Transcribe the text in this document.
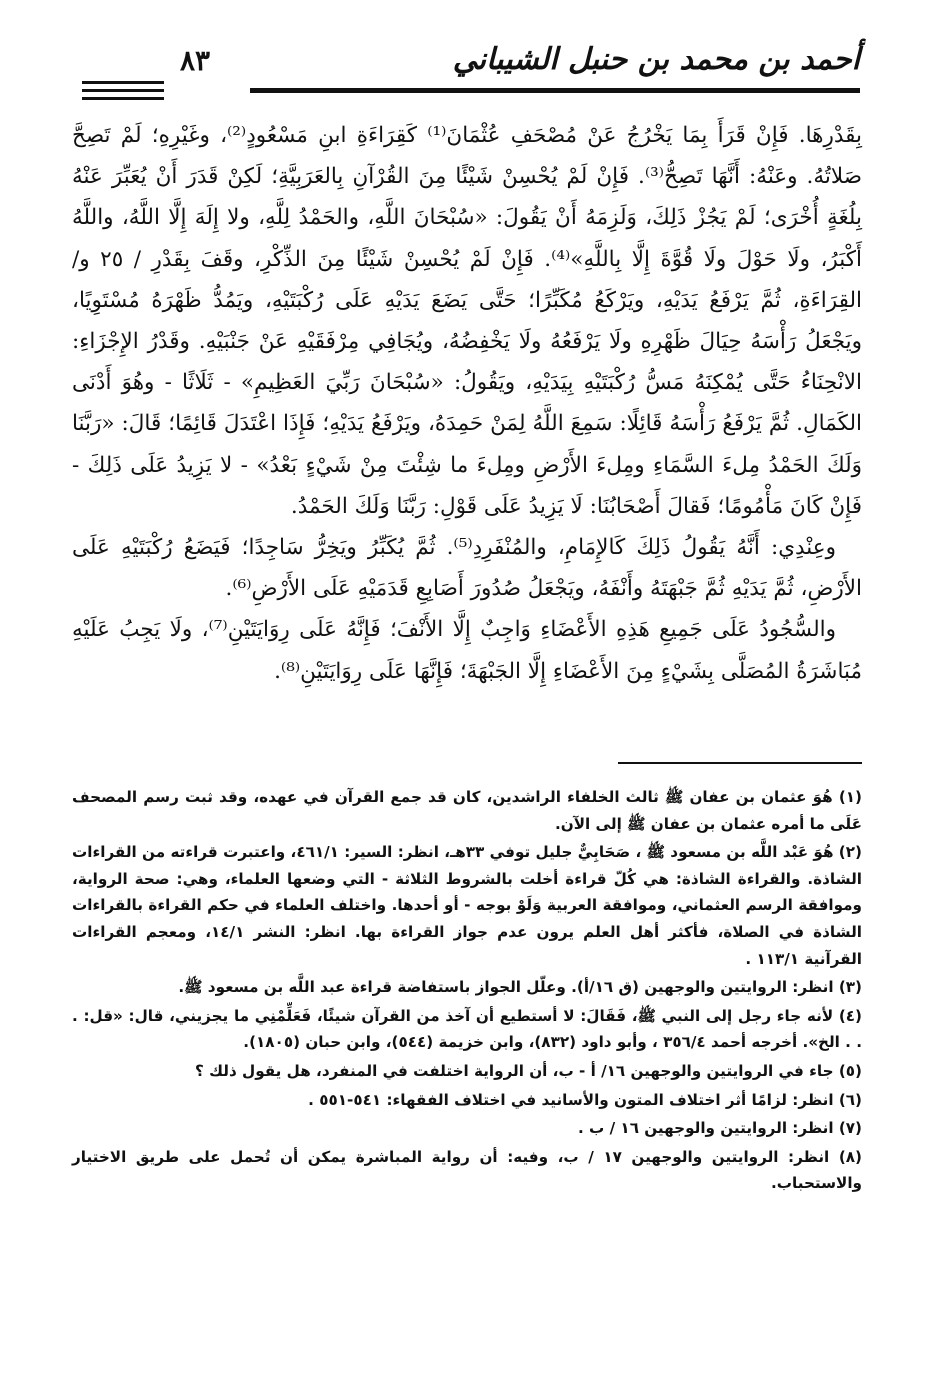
أحمد بن محمد بن حنبل الشيباني
٨٣

بِقَدْرِهَا. فَإِنْ قَرَأَ بِمَا يَخْرُجُ عَنْ مُصْحَفِ عُثْمَانَ⁽¹⁾ كَقِرَاءَةِ ابنِ مَسْعُودٍ⁽²⁾، وغَيْرِهِ؛ لَمْ تَصِحَّ صَلاتُهُ. وعَنْهُ: أَنَّهَا تَصِحُّ⁽³⁾. فَإِنْ لَمْ يُحْسِنْ شَيْئًا مِنَ القُرْآنِ بِالعَرَبِيَّةِ؛ لَكِنْ قَدَرَ أَنْ يُعَبِّرَ عَنْهُ بِلُغَةٍ أُخْرَى؛ لَمْ يَجُزْ ذَلِكَ، وَلَزِمَهُ أَنْ يَقُولَ: «سُبْحَانَ اللَّهِ، والحَمْدُ لِلَّهِ، ولا إِلَهَ إِلَّا اللَّهُ، واللَّهُ أَكْبَرُ، ولَا حَوْلَ ولَا قُوَّةَ إِلَّا بِاللَّهِ»⁽⁴⁾. فَإِنْ لَمْ يُحْسِنْ شَيْئًا مِنَ الذِّكْرِ، وقَفَ بِقَدْرِ / ٢٥ و/ القِرَاءَةِ، ثُمَّ يَرْفَعُ يَدَيْهِ، ويَرْكَعُ مُكَبِّرًا؛ حَتَّى يَضَعَ يَدَيْهِ عَلَى رُكْبَتَيْهِ، ويَمُدُّ ظَهْرَهُ مُسْتَوِيًا، ويَجْعَلُ رَأْسَهُ حِيَالَ ظَهْرِهِ ولَا يَرْفَعُهُ ولَا يَخْفِضُهُ، ويُجَافِي مِرْفَقَيْهِ عَنْ جَنْبَيْهِ. وقَدْرُ الإِجْزَاءِ: الانْحِنَاءُ حَتَّى يُمْكِنَهُ مَسُّ رُكْبَتَيْهِ بِيَدَيْهِ، ويَقُولُ: «سُبْحَانَ رَبِّيَ العَظِيمِ» - ثَلَاثًا - وهُوَ أَدْنَى الكَمَالِ. ثُمَّ يَرْفَعُ رَأْسَهُ قَائِلًا: سَمِعَ اللَّهُ لِمَنْ حَمِدَهُ، ويَرْفَعُ يَدَيْهِ؛ فَإِذَا اعْتَدَلَ قَائِمًا؛ قَالَ: «رَبَّنَا وَلَكَ الحَمْدُ مِلءَ السَّمَاءِ ومِلءَ الأَرْضِ ومِلءَ ما شِئْتَ مِنْ شَيْءٍ بَعْدُ» - لا يَزِيدُ عَلَى ذَلِكَ - فَإِنْ كَانَ مَأْمُومًا؛ فَقالَ أَصْحَابُنَا: لَا يَزِيدُ عَلَى قَوْلِ: رَبَّنَا وَلَكَ الحَمْدُ.

وعِنْدِي: أَنَّهُ يَقُولُ ذَلِكَ كَالإِمَامِ، والمُنْفَرِدِ⁽⁵⁾. ثُمَّ يُكَبِّرُ ويَخِرُّ سَاجِدًا؛ فَيَضَعُ رُكْبَتَيْهِ عَلَى الأَرْضِ، ثُمَّ يَدَيْهِ ثُمَّ جَبْهَتَهُ وأَنْفَهُ، ويَجْعَلُ صُدُورَ أَصَابِعِ قَدَمَيْهِ عَلَى الأَرْضِ⁽⁶⁾.

والسُّجُودُ عَلَى جَمِيعِ هَذِهِ الأَعْضَاءِ وَاجِبٌ إِلَّا الأَنْفَ؛ فَإِنَّهُ عَلَى رِوَايَتَيْنِ⁽⁷⁾، ولَا يَجِبُ عَلَيْهِ مُبَاشَرَةُ المُصَلَّى بِشَيْءٍ مِنَ الأَعْضَاءِ إِلَّا الجَبْهَةَ؛ فَإِنَّهَا عَلَى رِوَايَتَيْنِ⁽⁸⁾.

(١) هُوَ عثمان بن عفان ﷺ ثالث الخلفاء الراشدين، كان قد جمع القرآن في عهده، وقد ثبت رسم المصحف عَلَى ما أمره عثمان بن عفان ﷺ إلى الآن.

(٢) هُوَ عَبْد اللَّه بن مسعود ﷺ ، صَحَابِيٌّ جليل توفي ٣٣هـ، انظر: السير: ٤٦١/١، واعتبرت قراءته من القراءات الشاذة. والقراءة الشاذة: هي كُلّ قراءة أخلت بالشروط الثلاثة - التي وضعها العلماء، وهي: صحة الرواية، وموافقة الرسم العثماني، وموافقة العربية وَلَوْ بوجه - أو أحدها. واختلف العلماء في حكم القراءة بالقراءات الشاذة في الصلاة، فأكثر أهل العلم يرون عدم جواز القراءة بها. انظر: النشر ١٤/١، ومعجم القراءات القرآنية ١١٣/١ .

(٣) انظر: الروايتين والوجهين (ق ١٦/أ). وعلّل الجواز باستفاضة قراءة عبد اللَّه بن مسعود ﷺ.

(٤) لأنه جاء رجل إلى النبي ﷺ، فَقَالَ: لا أستطيع أن آخذ من القرآن شيئًا، فَعَلِّمْنِي ما يجزيني، قال: «قل: . . . الخ». أخرجه أحمد ٣٥٦/٤ ، وأبو داود (٨٣٢)، وابن خزيمة (٥٤٤)، وابن حبان (١٨٠٥).

(٥) جاء في الروايتين والوجهين ١٦/ أ - ب، أن الرواية اختلفت في المنفرد، هل يقول ذلك ؟

(٦) انظر: لزامًا أثر اختلاف المتون والأسانيد في اختلاف الفقهاء: ٥٤١-٥٥١ .

(٧) انظر: الروايتين والوجهين ١٦ / ب .

(٨) انظر: الروايتين والوجهين ١٧ / ب، وفيه: أن رواية المباشرة يمكن أن تُحمل على طريق الاختيار والاستحباب.
